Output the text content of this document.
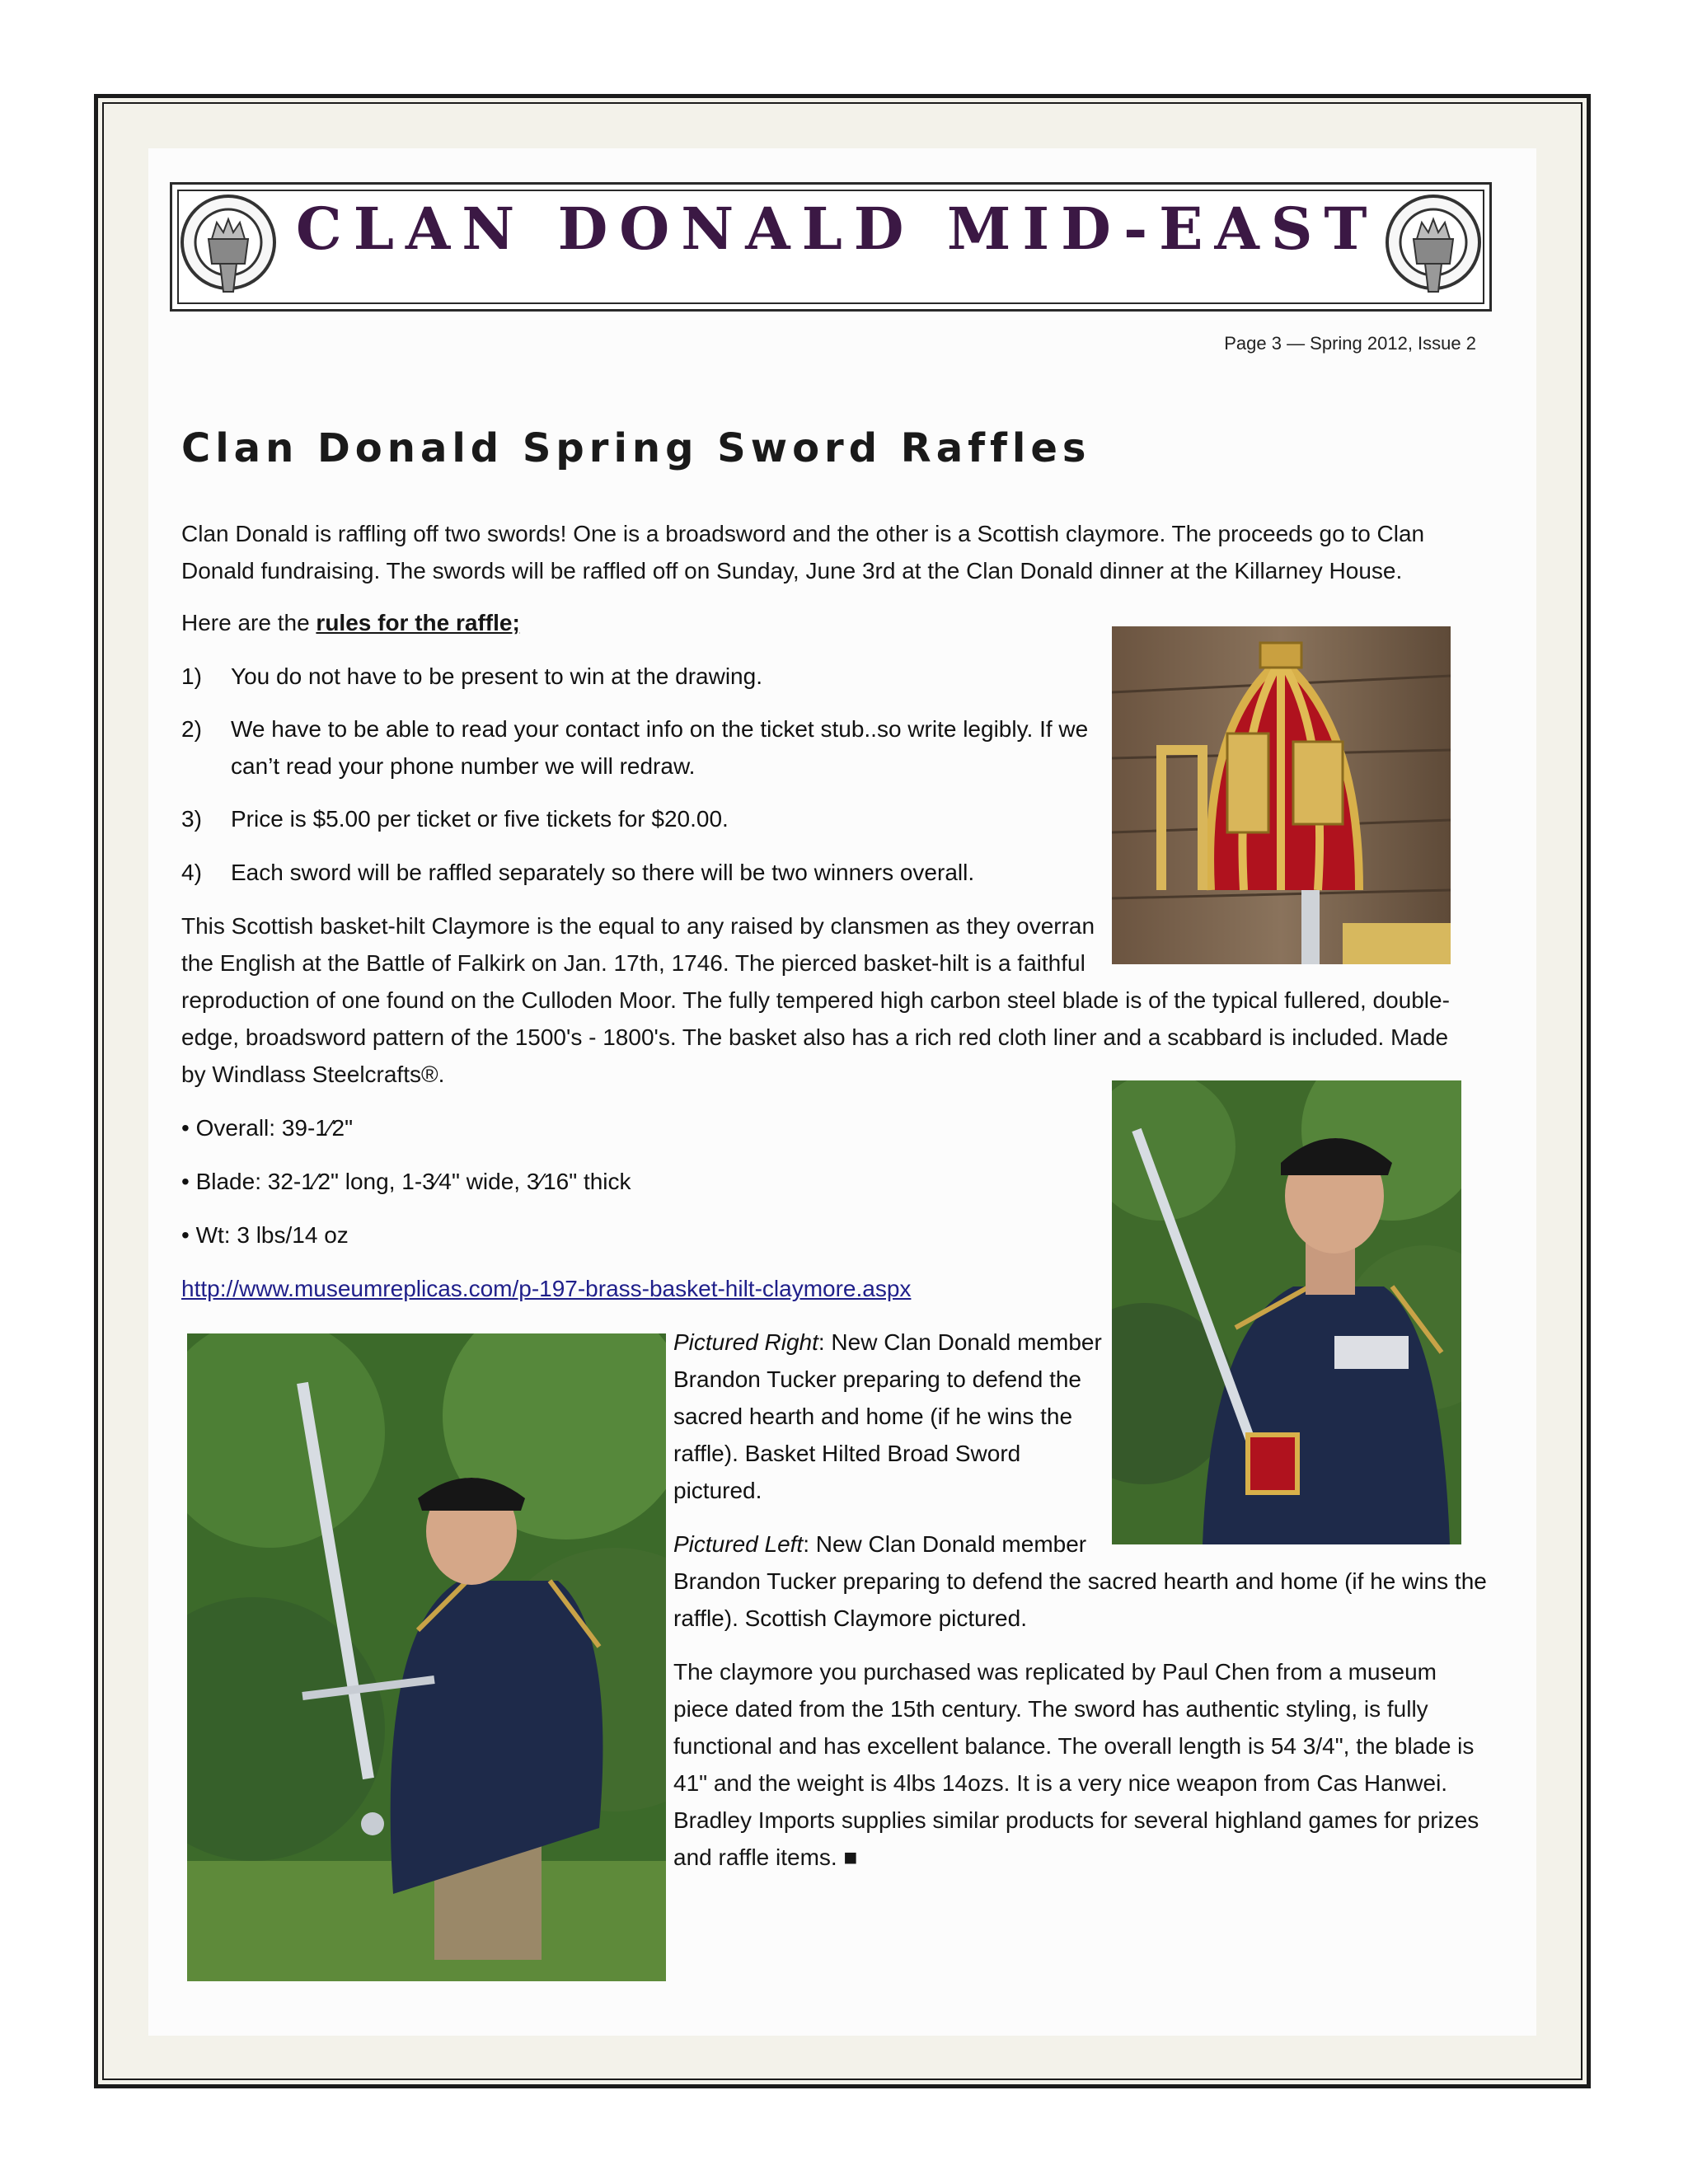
CLAN DONALD MID-EAST
Page 3 — Spring 2012, Issue 2
Clan Donald Spring Sword Raffles

Clan Donald is raffling off two swords! One is a broadsword and the other is a Scottish claymore. The proceeds go to Clan Donald fundraising. The swords will be raffled off on Sunday, June 3rd at the Clan Donald dinner at the Killarney House.

Here are the rules for the raffle;

1) You do not have to be present to win at the drawing.
2) We have to be able to read your contact info on the ticket stub..so write legibly. If we can’t read your phone number we will redraw.
3) Price is $5.00 per ticket or five tickets for $20.00.
4) Each sword will be raffled separately so there will be two winners overall.
This Scottish basket-hilt Claymore is the equal to any raised by clansmen as they overran
the English at the Battle of Falkirk on Jan. 17th, 1746. The pierced basket-hilt is a faithful
reproduction of one found on the Culloden Moor. The fully tempered high carbon steel blade is of the typical fullered, double-edge, broadsword pattern of the 1500's - 1800's. The basket also has a rich red cloth liner and a scabbard is included. Made by Windlass Steelcrafts®.
• Overall: 39-1⁄2"
• Blade: 32-1⁄2" long, 1-3⁄4" wide, 3⁄16" thick
• Wt: 3 lbs/14 oz
http://www.museumreplicas.com/p-197-brass-basket-hilt-claymore.aspx

Pictured Right: New Clan Donald member Brandon Tucker preparing to defend the sacred hearth and home (if he wins the raffle). Basket Hilted Broad Sword pictured.

Pictured Left: New Clan Donald member

Brandon Tucker preparing to defend the sacred hearth and home (if he wins the raffle). Scottish Claymore pictured.

The claymore you purchased was replicated by Paul Chen from a museum piece dated from the 15th century. The sword has authentic styling, is fully functional and has excellent balance. The overall length is 54 3/4", the blade is 41" and the weight is 4lbs 14ozs. It is a very nice weapon from Cas Hanwei. Bradley Imports supplies similar products for several highland games for prizes and raffle items. ■
